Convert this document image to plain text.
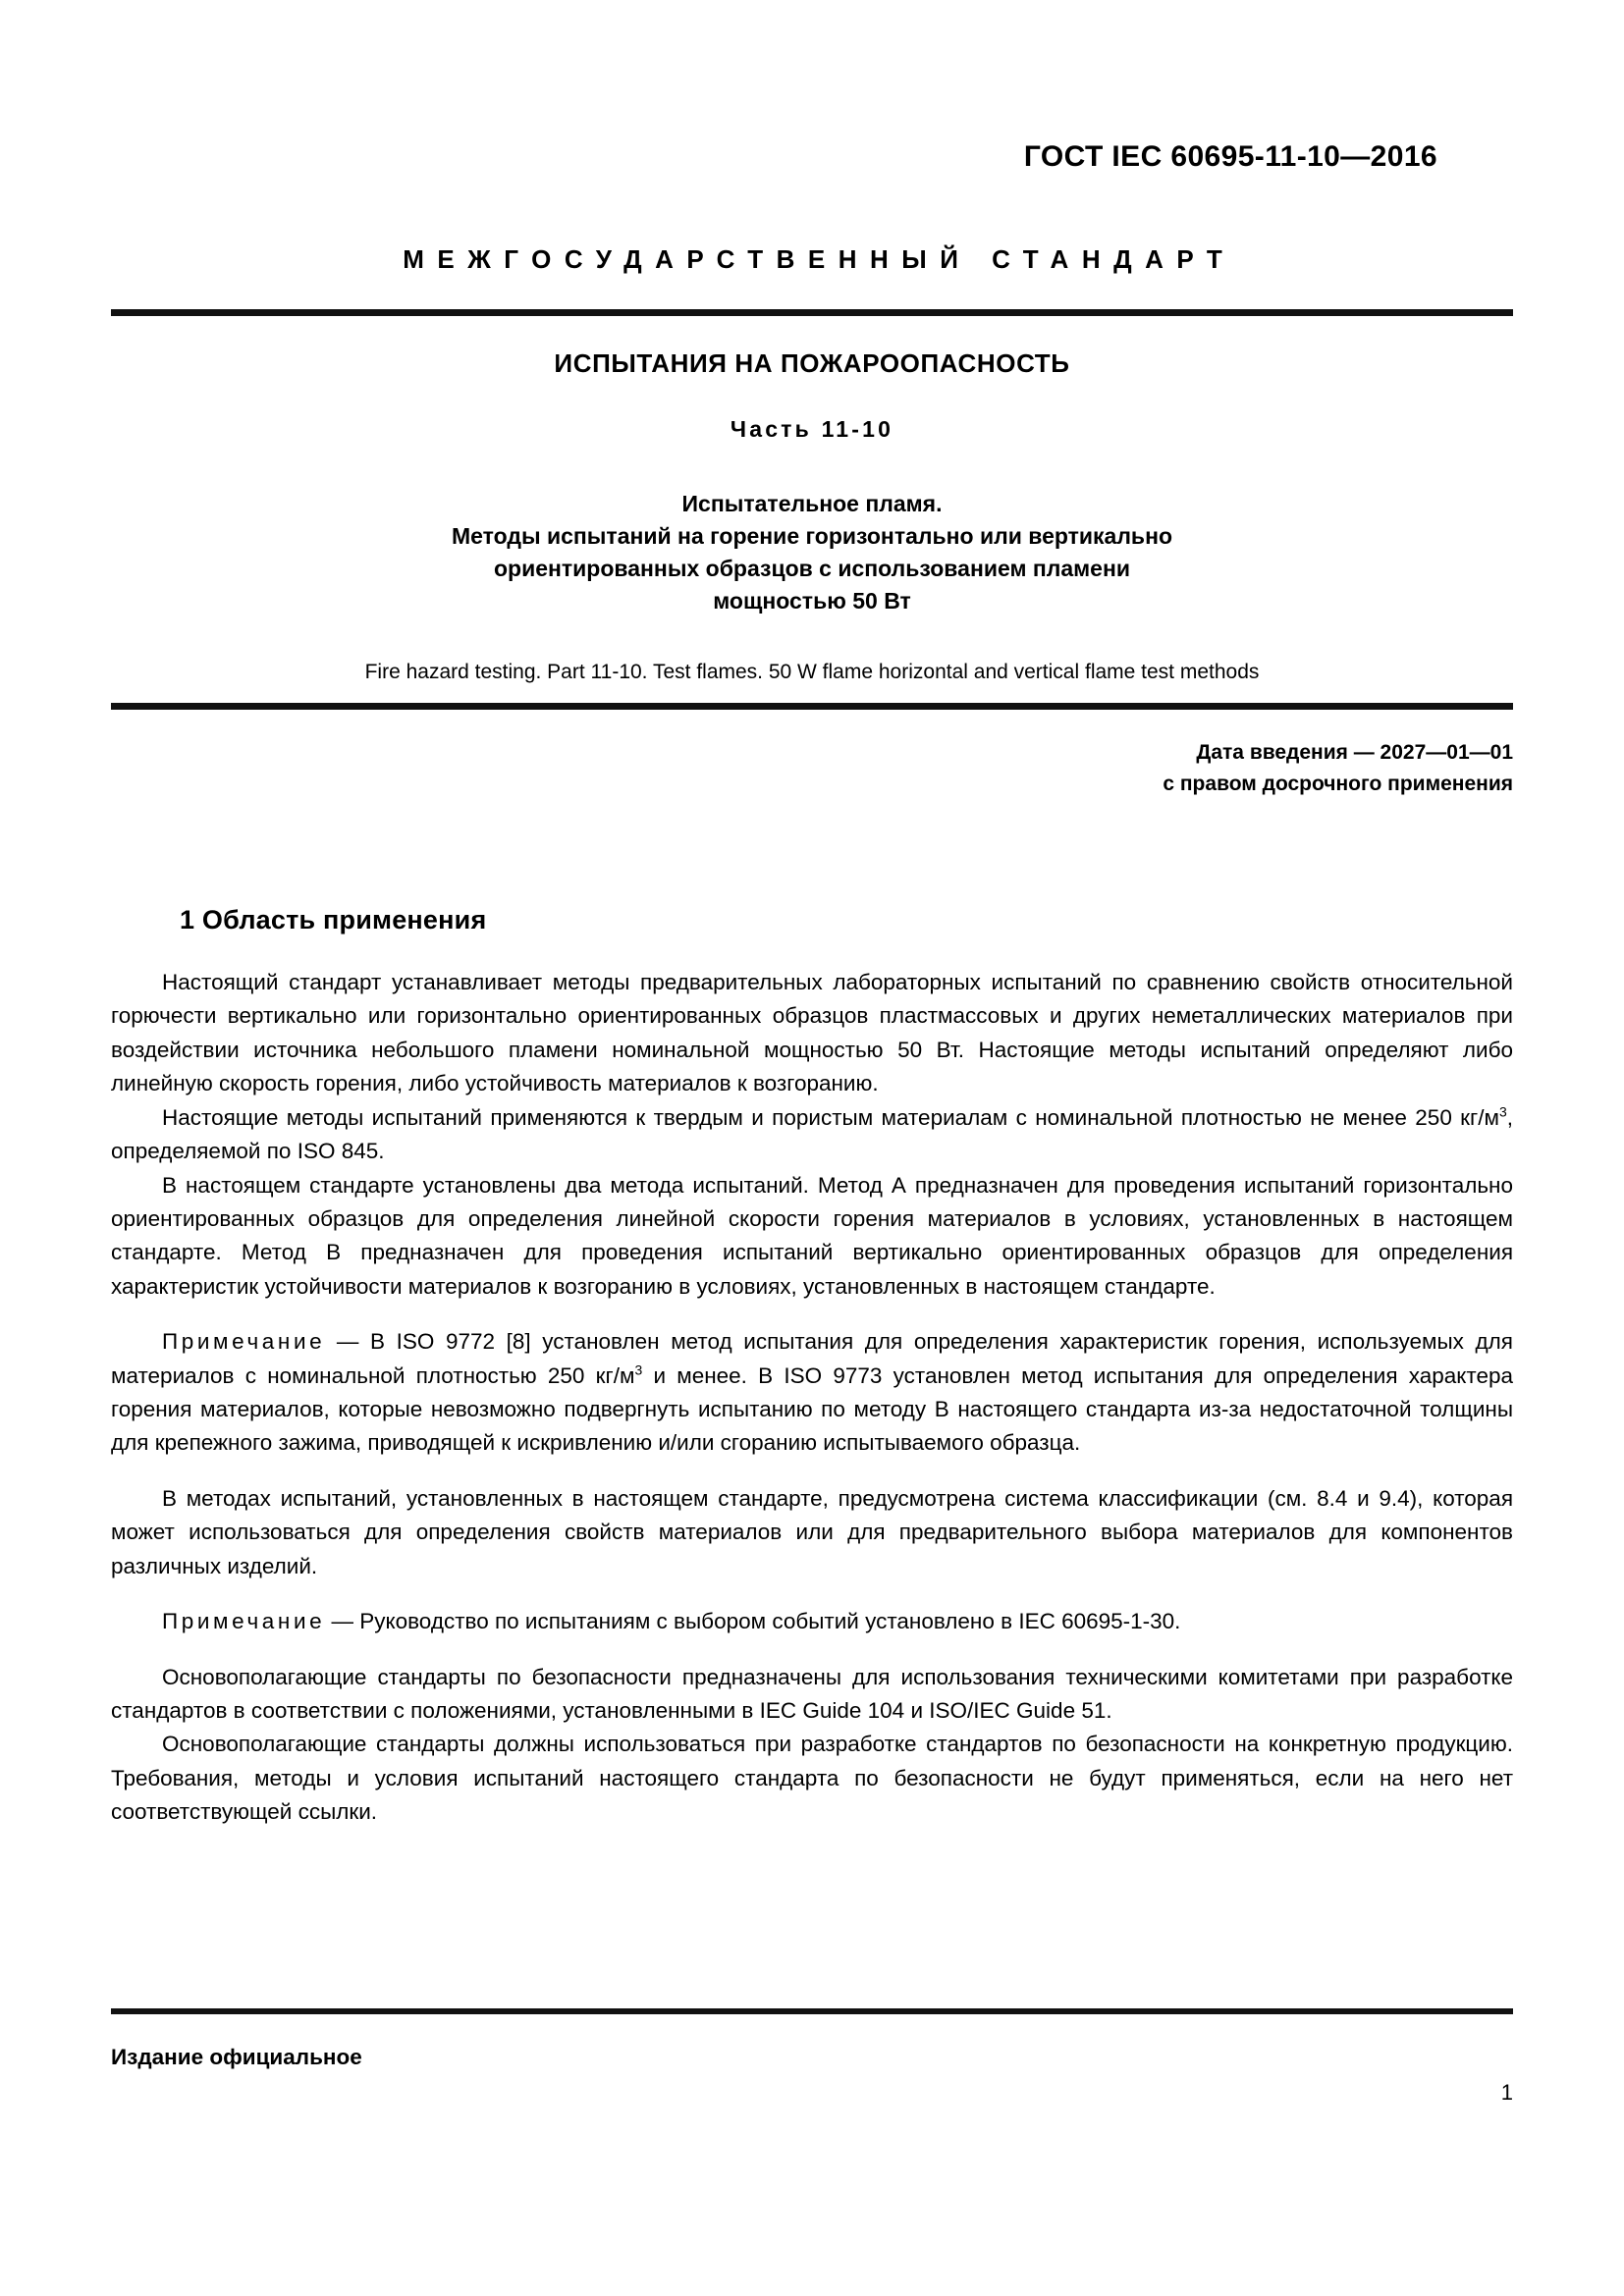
ГОСТ IEC 60695-11-10—2016
МЕЖГОСУДАРСТВЕННЫЙ СТАНДАРТ
ИСПЫТАНИЯ НА ПОЖАРООПАСНОСТЬ
Часть 11-10
Испытательное пламя.
Методы испытаний на горение горизонтально или вертикально
ориентированных образцов с использованием пламени
мощностью 50 Вт
Fire hazard testing. Part 11-10. Test flames. 50 W flame horizontal and vertical flame test methods
Дата введения — 2027—01—01
с правом досрочного применения
1 Область применения

Настоящий стандарт устанавливает методы предварительных лабораторных испытаний по сравнению свойств относительной горючести вертикально или горизонтально ориентированных образцов пластмассовых и других неметаллических материалов при воздействии источника небольшого пламени номинальной мощностью 50 Вт. Настоящие методы испытаний определяют либо линейную скорость горения, либо устойчивость материалов к возгоранию.

Настоящие методы испытаний применяются к твердым и пористым материалам с номинальной плотностью не менее 250 $кг/м^3$, определяемой по ISO 845.

В настоящем стандарте установлены два метода испытаний. Метод А предназначен для проведения испытаний горизонтально ориентированных образцов для определения линейной скорости горения материалов в условиях, установленных в настоящем стандарте. Метод В предназначен для проведения испытаний вертикально ориентированных образцов для определения характеристик устойчивости материалов к возгоранию в условиях, установленных в настоящем стандарте.

Примечание — В ISO 9772 [8] установлен метод испытания для определения характеристик горения, используемых для материалов с номинальной плотностью 250 $кг/м^3$ и менее. В ISO 9773 установлен метод испытания для определения характера горения материалов, которые невозможно подвергнуть испытанию по методу В настоящего стандарта из-за недостаточной толщины для крепежного зажима, приводящей к искривлению и/или сгоранию испытываемого образца.

В методах испытаний, установленных в настоящем стандарте, предусмотрена система классификации (см. 8.4 и 9.4), которая может использоваться для определения свойств материалов или для предварительного выбора материалов для компонентов различных изделий.

Примечание — Руководство по испытаниям с выбором событий установлено в IEC 60695-1-30.

Основополагающие стандарты по безопасности предназначены для использования техническими комитетами при разработке стандартов в соответствии с положениями, установленными в IEC Guide 104 и ISO/IEC Guide 51.

Основополагающие стандарты должны использоваться при разработке стандартов по безопасности на конкретную продукцию. Требования, методы и условия испытаний настоящего стандарта по безопасности не будут применяться, если на него нет соответствующей ссылки.

Издание официальное
1
